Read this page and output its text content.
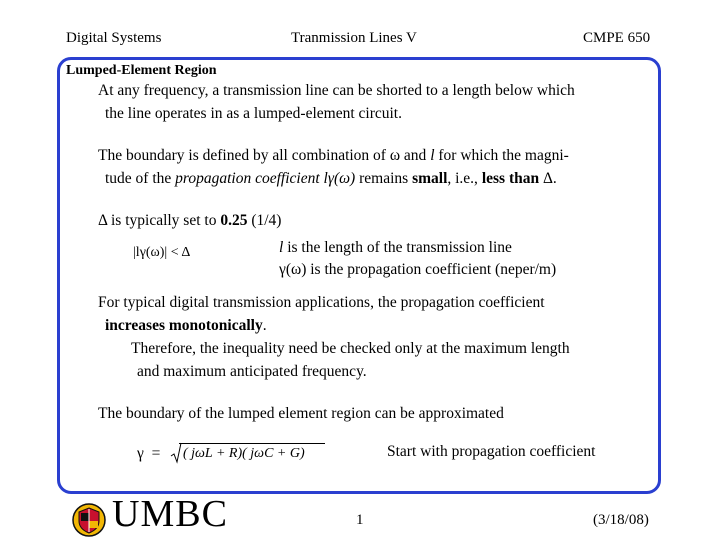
Digital Systems	Tranmission Lines V	CMPE 650
Lumped-Element Region
At any frequency, a transmission line can be shorted to a length below which
the line operates in as a lumped-element circuit.
The boundary is defined by all combination of ω and l for which the magni-
tude of the propagation coefficient lγ(ω) remains small, i.e., less than Δ.
Δ is typically set to 0.25 (1/4)
|lγ(ω)| < Δ	l is the length of the transmission line
γ(ω) is the propagation coefficient (neper/m)
For typical digital transmission applications, the propagation coefficient
increases monotonically.
Therefore, the inequality need be checked only at the maximum length
and maximum anticipated frequency.
The boundary of the lumped element region can be approximated
γ  = ( jωL + R)( jωC + G)	Start with propagation coefficient
UMBC	1	(3/18/08)
